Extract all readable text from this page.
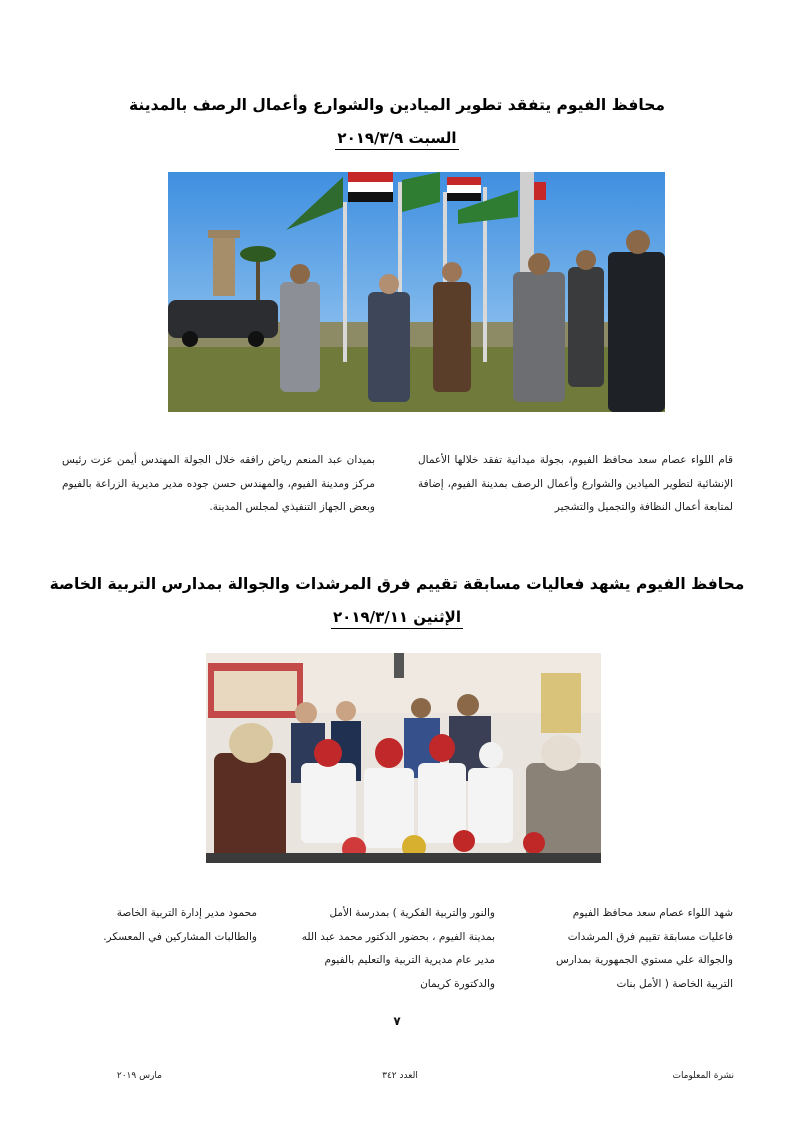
محافظ الفيوم يتفقد تطوير الميادين والشوارع وأعمال الرصف بالمدينة
السبت ٢٠١٩/٣/٩
قام اللواء عصام سعد محافظ الفيوم، بجولة ميدانية تفقد خلالها الأعمال الإنشائية لتطوير الميادين والشوارع وأعمال الرصف بمدينة الفيوم، إضافة لمتابعة أعمال النظافة والتجميل والتشجير
بميدان عبد المنعم رياض رافقه خلال الجولة المهندس أيمن عزت رئيس مركز ومدينة الفيوم، والمهندس حسن جوده مدير مديرية الزراعة بالفيوم وبعض الجهاز التنفيذي لمجلس المدينة.
محافظ الفيوم يشهد فعاليات مسابقة تقييم فرق المرشدات والجوالة بمدارس التربية الخاصة
الإثنين ٢٠١٩/٣/١١
شهد اللواء عصام سعد محافظ الفيوم فاعليات مسابقة تقييم فرق المرشدات والجوالة علي مستوي الجمهورية بمدارس التربية الخاصة ( الأمل بنات
والنور والتربية الفكرية ) بمدرسة الأمل بمدينة الفيوم ، بحضور الدكتور محمد عبد الله مدير عام مديرية التربية والتعليم بالفيوم والدكتورة كريمان
محمود مدير إدارة التربية الخاصة والطالبات المشاركين في المعسكر.
٧
نشرة المعلومات
العدد ٣٤٢
مارس ٢٠١٩
